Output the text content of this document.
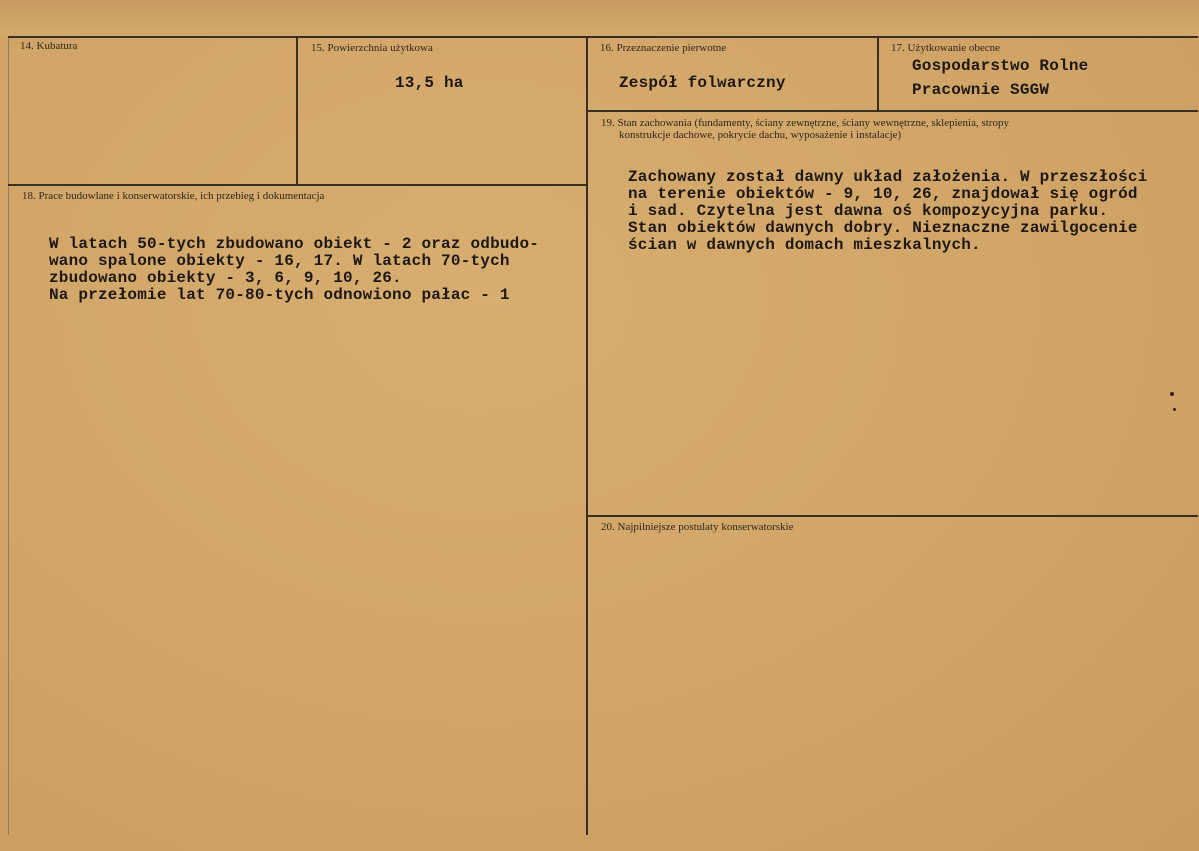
14. Kubatura	15. Powierzchnia użytkowa
13,5 ha
16. Przeznaczenie pierwotne
Zespół folwarczny
17. Użytkowanie obecne
Gospodarstwo Rolne
Pracownie SGGW
18. Prace budowlane i konserwatorskie, ich przebieg i dokumentacja
W latach 50-tych zbudowano obiekt - 2 oraz odbudo-
wano spalone obiekty - 16, 17. W latach 70-tych
zbudowano obiekty - 3, 6, 9, 10, 26.
Na przełomie lat 70-80-tych odnowiono pałac - 1
19. Stan zachowania (fundamenty, ściany zewnętrzne, ściany wewnętrzne, sklepienia, stropy
konstrukcje dachowe, pokrycie dachu, wyposażenie i instalacje)
Zachowany został dawny układ założenia. W przeszłości
na terenie obiektów - 9, 10, 26, znajdował się ogród
i sad. Czytelna jest dawna oś kompozycyjna parku.
Stan obiektów dawnych dobry. Nieznaczne zawilgocenie
ścian w dawnych domach mieszkalnych.
20. Najpilniejsze postulaty konserwatorskie
